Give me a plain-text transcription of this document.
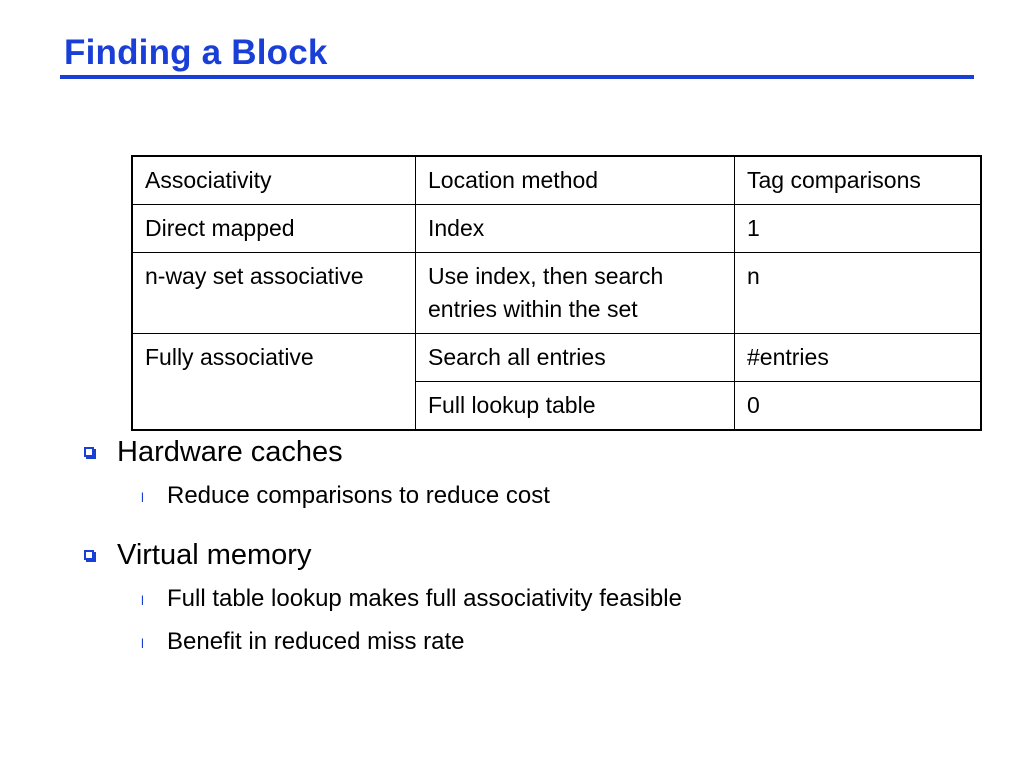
Finding a Block
Associativity	Location method	Tag comparisons
Direct mapped	Index	1
n-way set associative	Use index, then search entries within the set	n
Fully associative	Search all entries	#entries
	Full lookup table	0
Hardware caches
l Reduce comparisons to reduce cost
Virtual memory
l Full table lookup makes full associativity feasible
l Benefit in reduced miss rate
